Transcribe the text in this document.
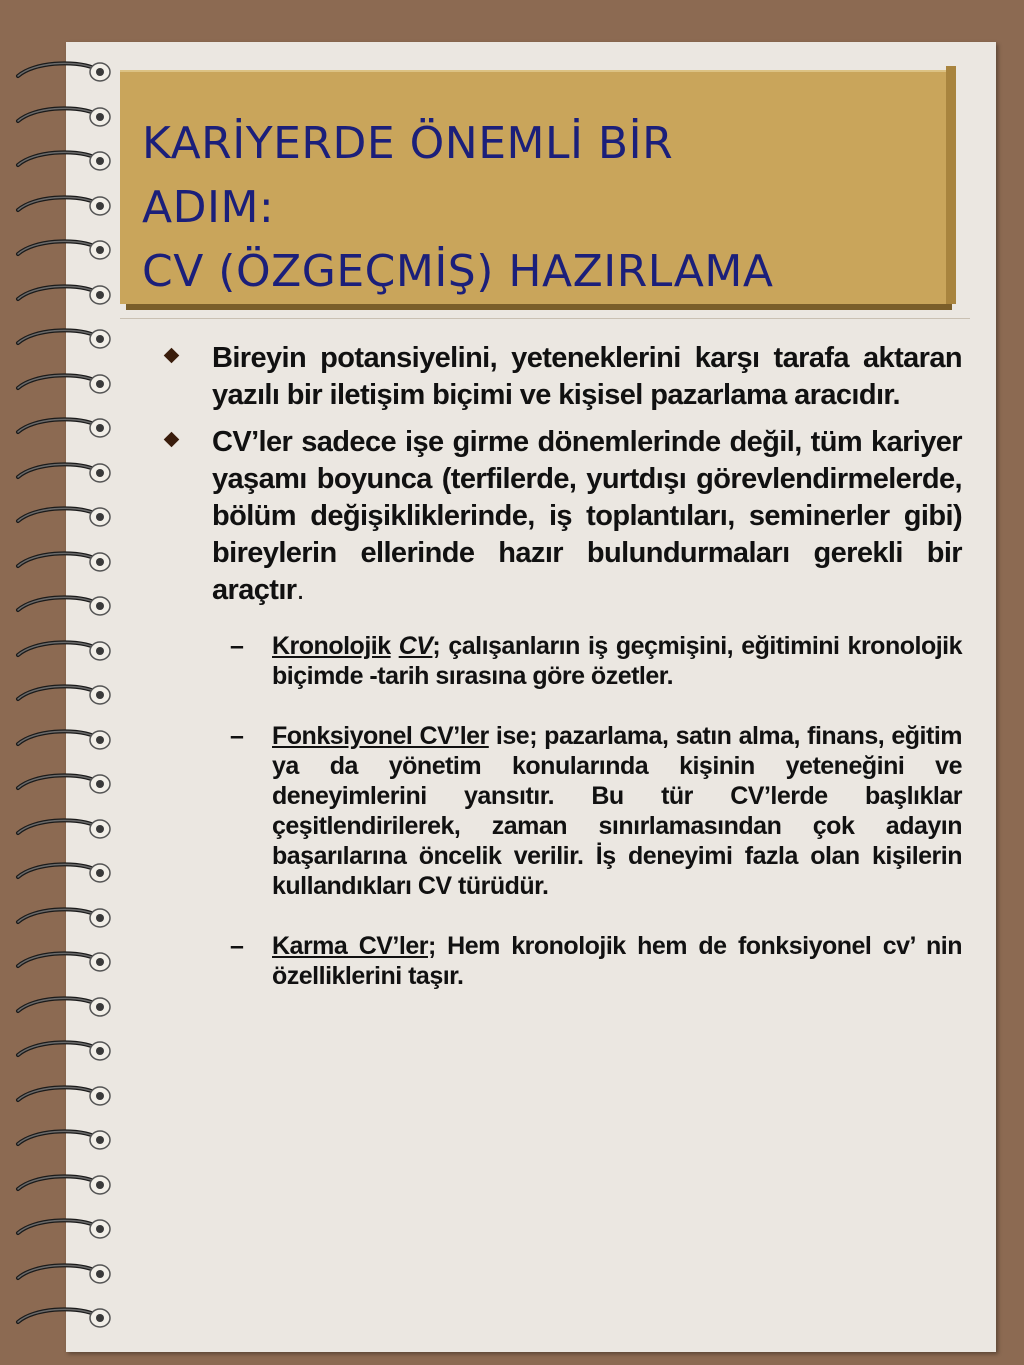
KARİYERDE ÖNEMLİ BİR
ADIM:
CV (ÖZGEÇMİŞ) HAZIRLAMA
Bireyin potansiyelini, yeteneklerini karşı tarafa aktaran yazılı bir iletişim biçimi ve kişisel pazarlama aracıdır.
CV’ler sadece işe girme dönemlerinde değil, tüm kariyer yaşamı boyunca (terfilerde, yurtdışı görevlendirmelerde, bölüm değişikliklerinde, iş toplantıları, seminerler gibi) bireylerin ellerinde hazır bulundurmaları gerekli bir araçtır.
– Kronolojik CV; çalışanların iş geçmişini, eğitimini kronolojik biçimde -tarih sırasına göre özetler.
– Fonksiyonel CV’ler ise; pazarlama, satın alma, finans, eğitim ya da yönetim konularında kişinin yeteneğini ve deneyimlerini yansıtır. Bu tür CV’lerde başlıklar çeşitlendirilerek, zaman sınırlamasından çok adayın başarılarına öncelik verilir. İş deneyimi fazla olan kişilerin kullandıkları CV türüdür.
– Karma CV’ler; Hem kronolojik hem de fonksiyonel cv’ nin özelliklerini taşır.
